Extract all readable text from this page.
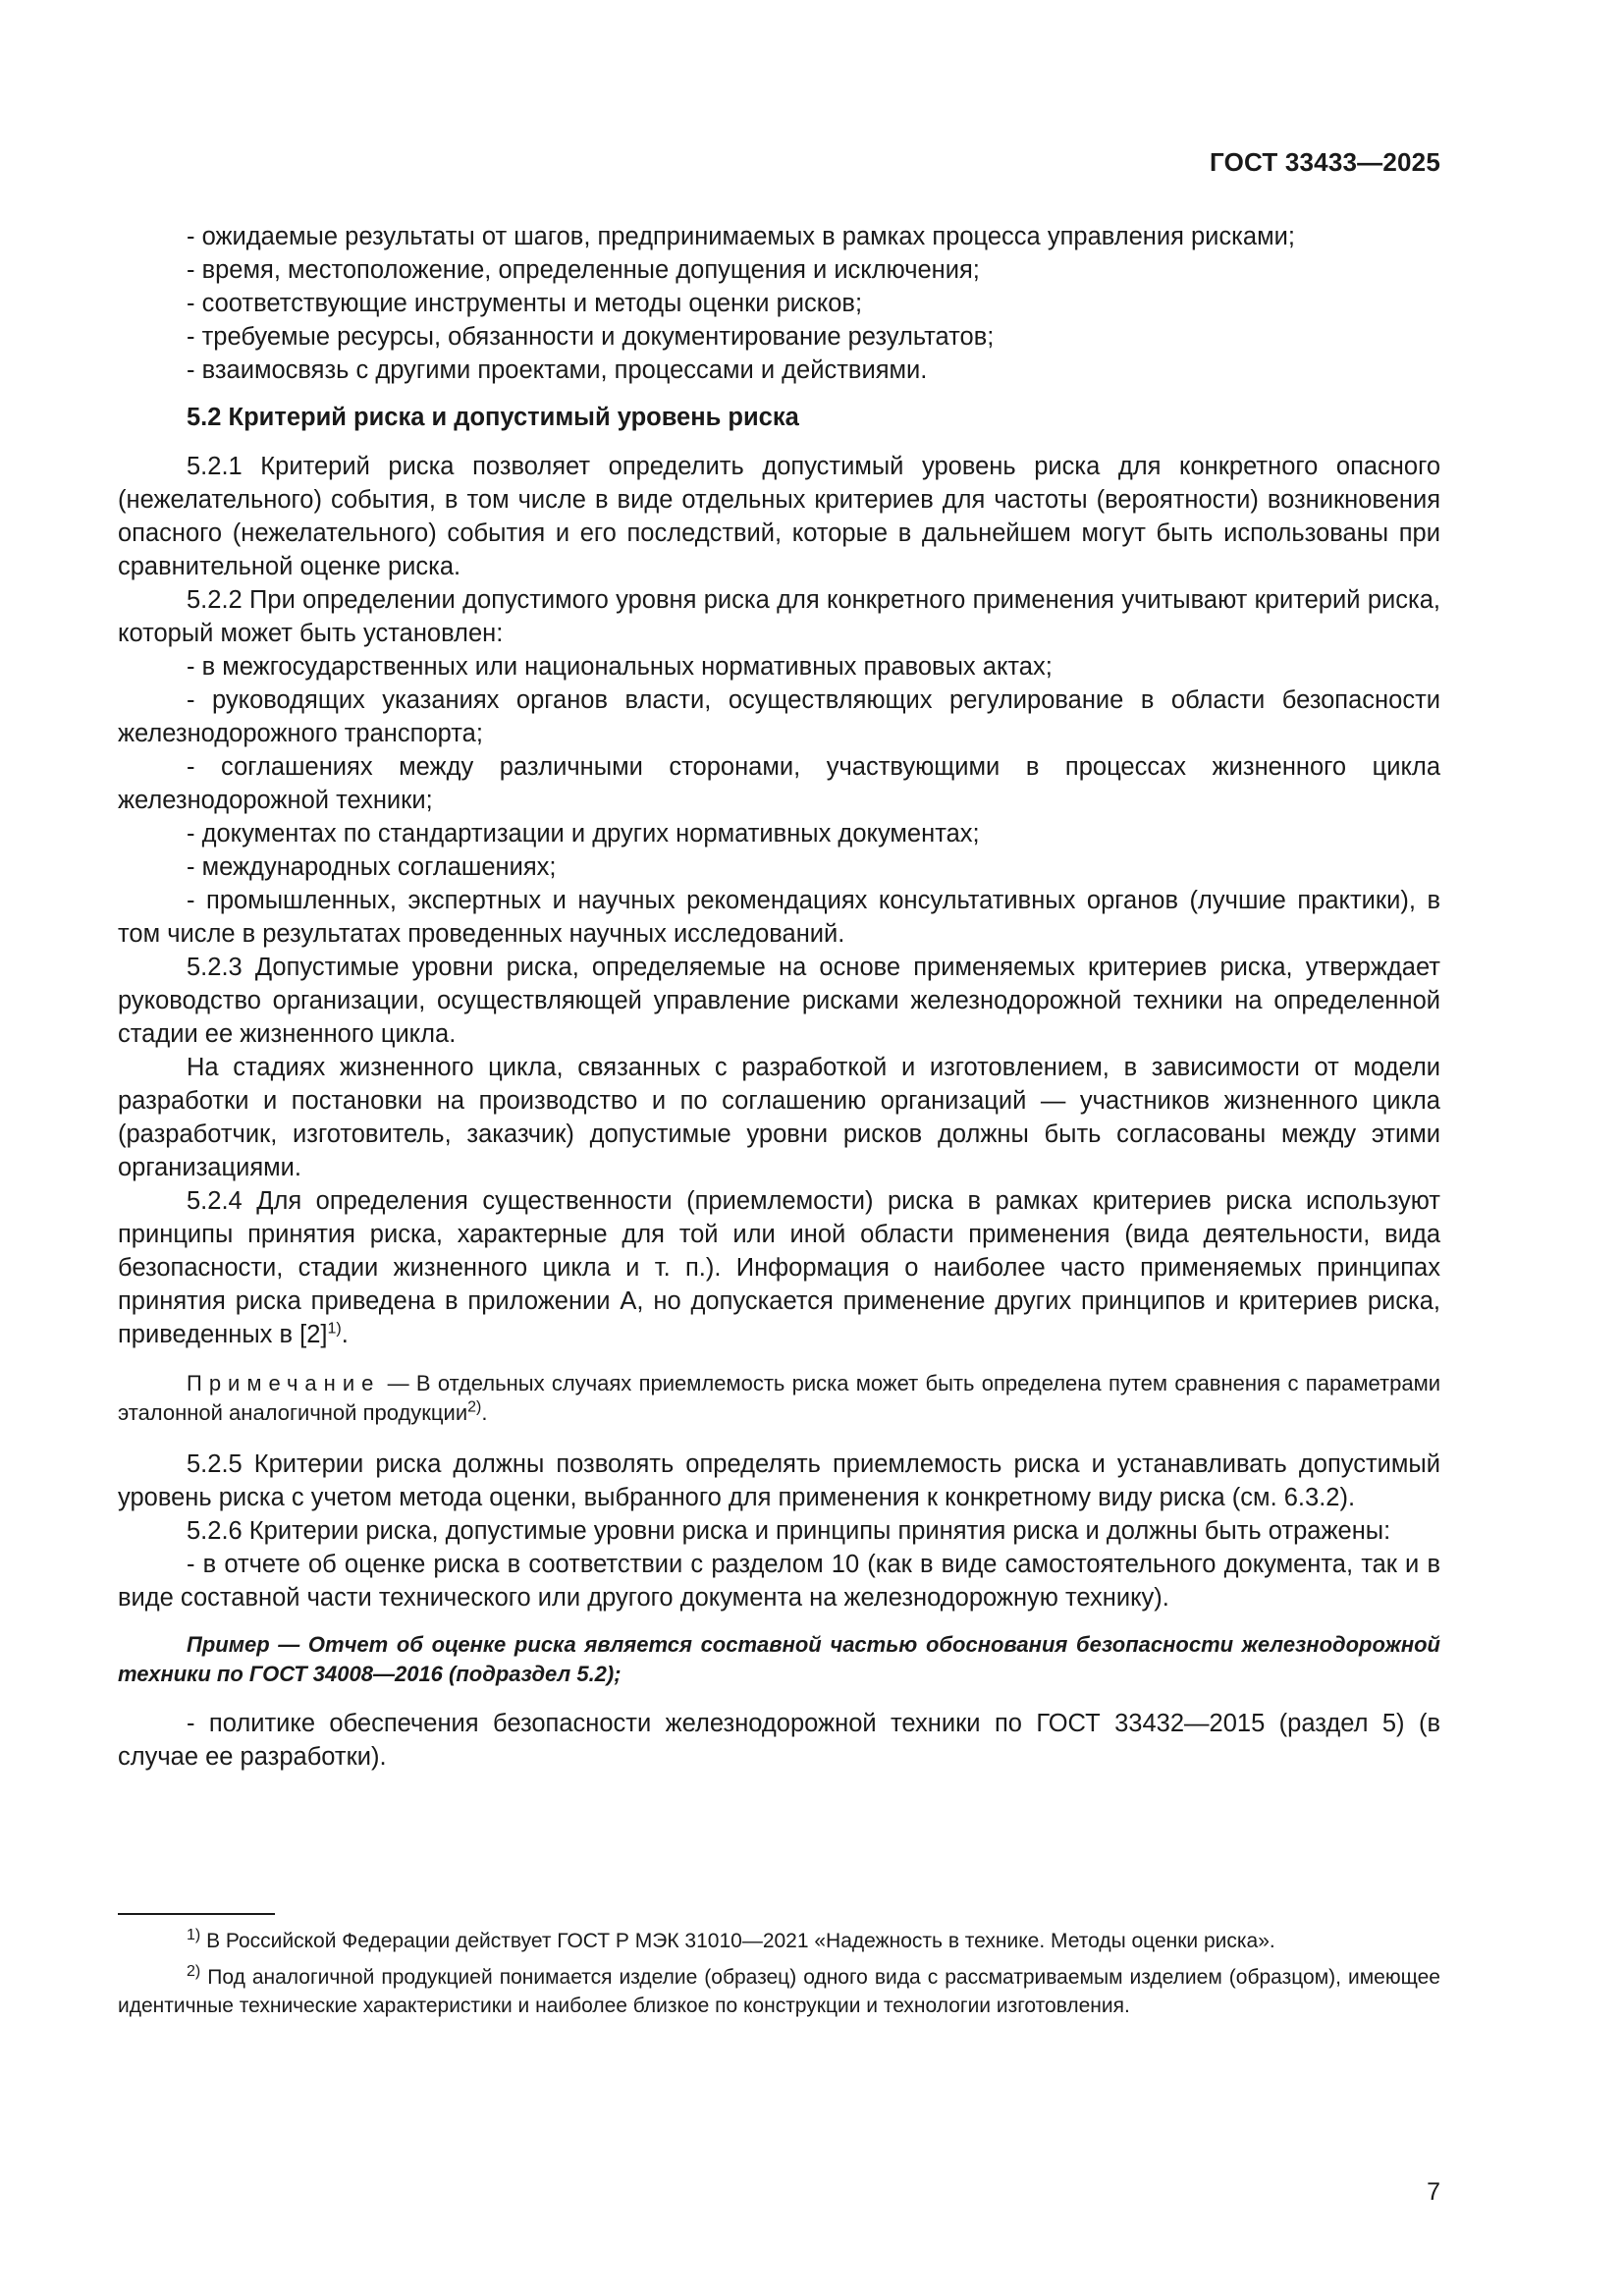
ГОСТ 33433—2025

- ожидаемые результаты от шагов, предпринимаемых в рамках процесса управления рисками;

- время, местоположение, определенные допущения и исключения;

- соответствующие инструменты и методы оценки рисков;

- требуемые ресурсы, обязанности и документирование результатов;

- взаимосвязь с другими проектами, процессами и действиями.

5.2 Критерий риска и допустимый уровень риска

5.2.1 Критерий риска позволяет определить допустимый уровень риска для конкретного опасного (нежелательного) события, в том числе в виде отдельных критериев для частоты (вероятности) возникновения опасного (нежелательного) события и его последствий, которые в дальнейшем могут быть использованы при сравнительной оценке риска.

5.2.2 При определении допустимого уровня риска для конкретного применения учитывают критерий риска, который может быть установлен:

- в межгосударственных или национальных нормативных правовых актах;

- руководящих указаниях органов власти, осуществляющих регулирование в области безопасности железнодорожного транспорта;

- соглашениях между различными сторонами, участвующими в процессах жизненного цикла железнодорожной техники;

- документах по стандартизации и других нормативных документах;

- международных соглашениях;

- промышленных, экспертных и научных рекомендациях консультативных органов (лучшие практики), в том числе в результатах проведенных научных исследований.

5.2.3 Допустимые уровни риска, определяемые на основе применяемых критериев риска, утверждает руководство организации, осуществляющей управление рисками железнодорожной техники на определенной стадии ее жизненного цикла.

На стадиях жизненного цикла, связанных с разработкой и изготовлением, в зависимости от модели разработки и постановки на производство и по соглашению организаций — участников жизненного цикла (разработчик, изготовитель, заказчик) допустимые уровни рисков должны быть согласованы между этими организациями.

5.2.4 Для определения существенности (приемлемости) риска в рамках критериев риска используют принципы принятия риска, характерные для той или иной области применения (вида деятельности, вида безопасности, стадии жизненного цикла и т. п.). Информация о наиболее часто применяемых принципах принятия риска приведена в приложении А, но допускается применение других принципов и критериев риска, приведенных в $[2]^{1)}$.

Примечание — В отдельных случаях приемлемость риска может быть определена путем сравнения с параметрами эталонной аналогичной продукции$^{2)}$.

5.2.5 Критерии риска должны позволять определять приемлемость риска и устанавливать допустимый уровень риска с учетом метода оценки, выбранного для применения к конкретному виду риска (см. 6.3.2).

5.2.6 Критерии риска, допустимые уровни риска и принципы принятия риска и должны быть отражены:

- в отчете об оценке риска в соответствии с разделом 10 (как в виде самостоятельного документа, так и в виде составной части технического или другого документа на железнодорожную технику).

Пример — Отчет об оценке риска является составной частью обоснования безопасности железнодорожной техники по ГОСТ 34008—2016 (подраздел 5.2);

- политике обеспечения безопасности железнодорожной техники по ГОСТ 33432—2015 (раздел 5) (в случае ее разработки).

$^{1)}$ В Российской Федерации действует ГОСТ Р МЭК 31010—2021 «Надежность в технике. Методы оценки риска».

$^{2)}$ Под аналогичной продукцией понимается изделие (образец) одного вида с рассматриваемым изделием (образцом), имеющее идентичные технические характеристики и наиболее близкое по конструкции и технологии изготовления.

7
